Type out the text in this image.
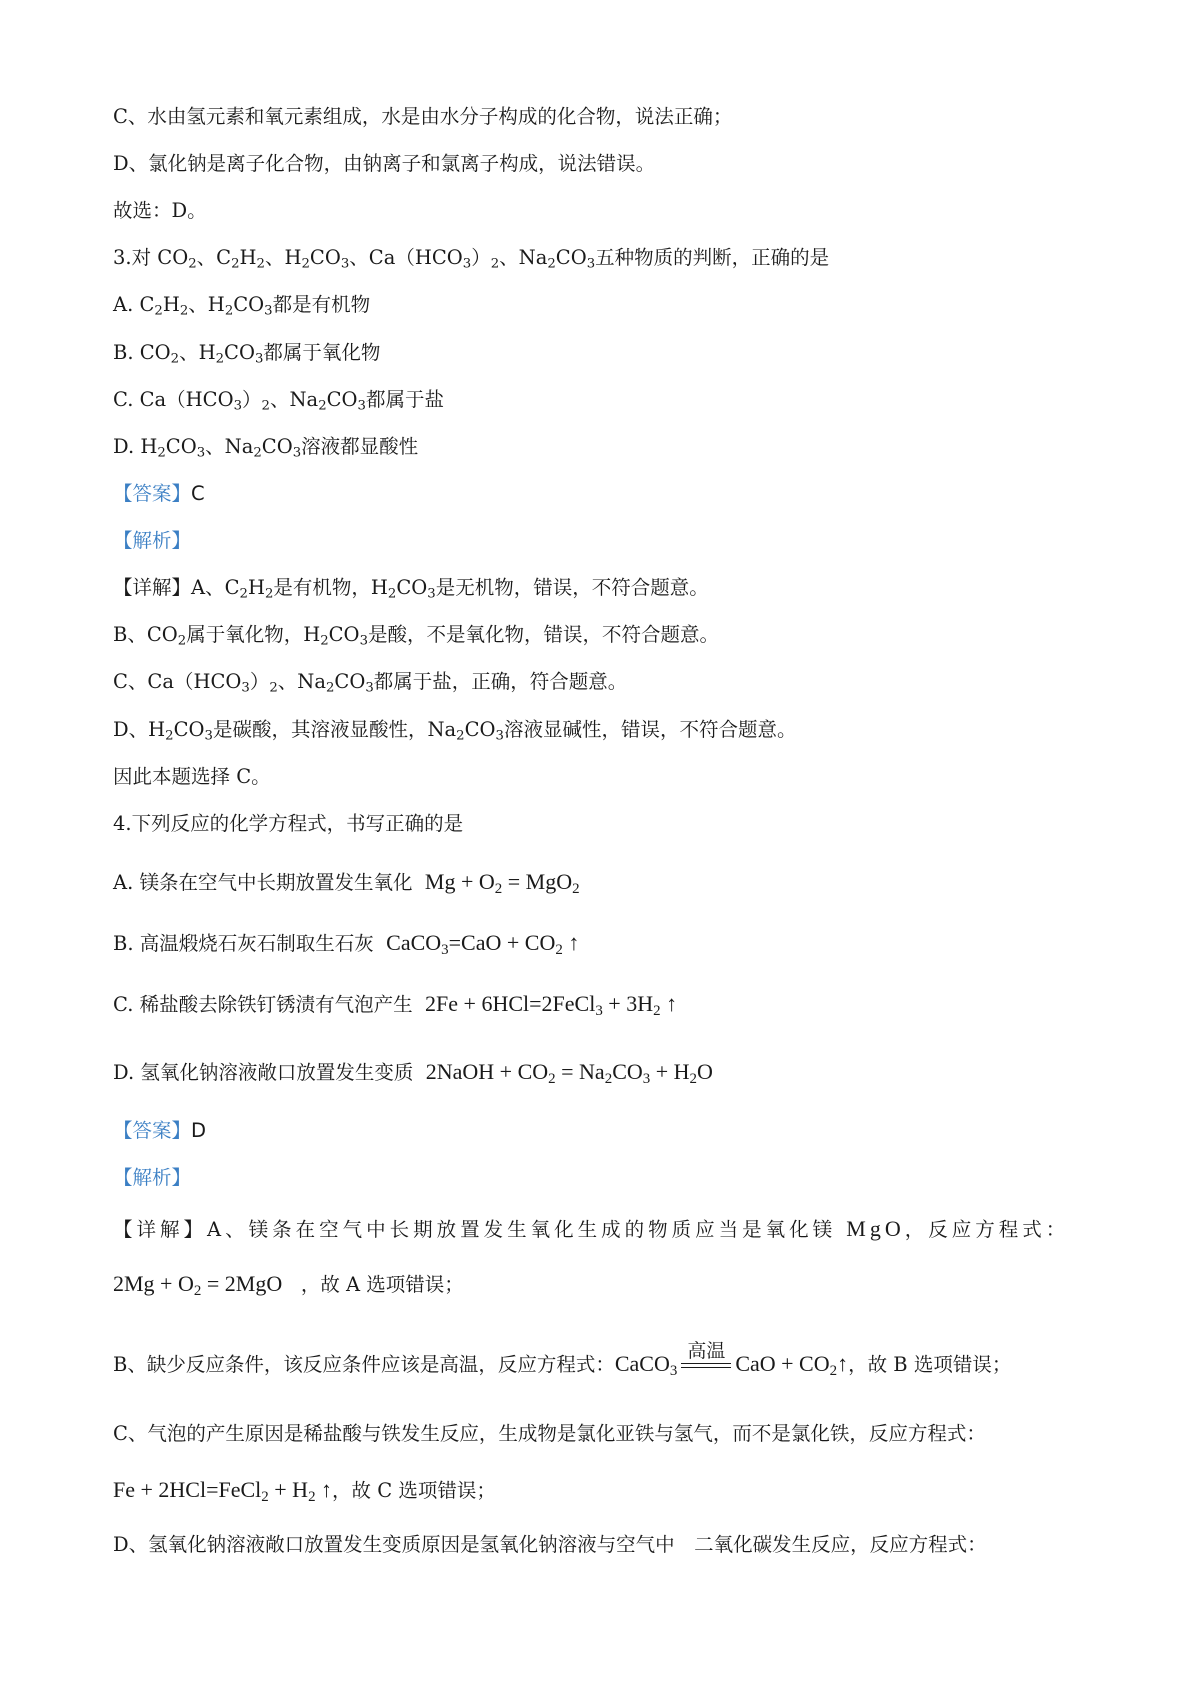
C、水由氢元素和氧元素组成，水是由水分子构成的化合物，说法正确；
D、氯化钠是离子化合物，由钠离子和氯离子构成，说法错误。
故选：D。
3.对 $CO_2$、$C_2H_2$、$H_2CO_3$、$Ca(HCO_3)_2$、$Na_2CO_3$五种物质的判断，正确的是
A. $C_2H_2$、$H_2CO_3$都是有机物
B. $CO_2$、$H_2CO_3$都属于氧化物
C. $Ca(HCO_3)_2$、$Na_2CO_3$都属于盐
D. $H_2CO_3$、$Na_2CO_3$溶液都显酸性
【答案】C
【解析】
【详解】A、$C_2H_2$是有机物，$H_2CO_3$是无机物，错误，不符合题意。
B、$CO_2$属于氧化物，$H_2CO_3$是酸，不是氧化物，错误，不符合题意。
C、$Ca(HCO_3)_2$、$Na_2CO_3$都属于盐，正确，符合题意。
D、$H_2CO_3$是碳酸，其溶液显酸性，$Na_2CO_3$溶液显碱性，错误，不符合题意。
因此本题选择 C。
4.下列反应的化学方程式，书写正确的是
A. 镁条在空气中长期放置发生氧化 $Mg + O_2 = MgO_2$
B. 高温煅烧石灰石制取生石灰 CaCO$_3$=CaO + $CO_2$ ↑
C. 稀盐酸去除铁钉锈渍有气泡产生 2Fe + 6HCl=2FeCl$_3$ + $3H_2$ ↑
D. 氢氧化钠溶液敞口放置发生变质 2NaOH + $CO_2 = Na_2CO_3 + H_2O$
【答案】D
【解析】
【详解】A、镁条在空气中长期放置发生氧化生成的物质应当是氧化镁 MgO，反应方程式：
$2Mg + O_2 = 2MgO$ ，故 A 选项错误；
B、缺少反应条件，该反应条件应该是高温，反应方程式：CaCO$_3$
高温 CaO + $CO_2↑$，故 B 选项错误；
C、气泡的产生原因是稀盐酸与铁发生反应，生成物是氯化亚铁与氢气，而不是氯化铁，反应方程式：
Fe + 2HCl=FeCl$_2$ + $H_2$ ↑，故 C 选项错误；
D、氢氧化钠溶液敞口放置发生变质原因是氢氧化钠溶液与空气中　二氧化碳发生反应，反应方程式：
